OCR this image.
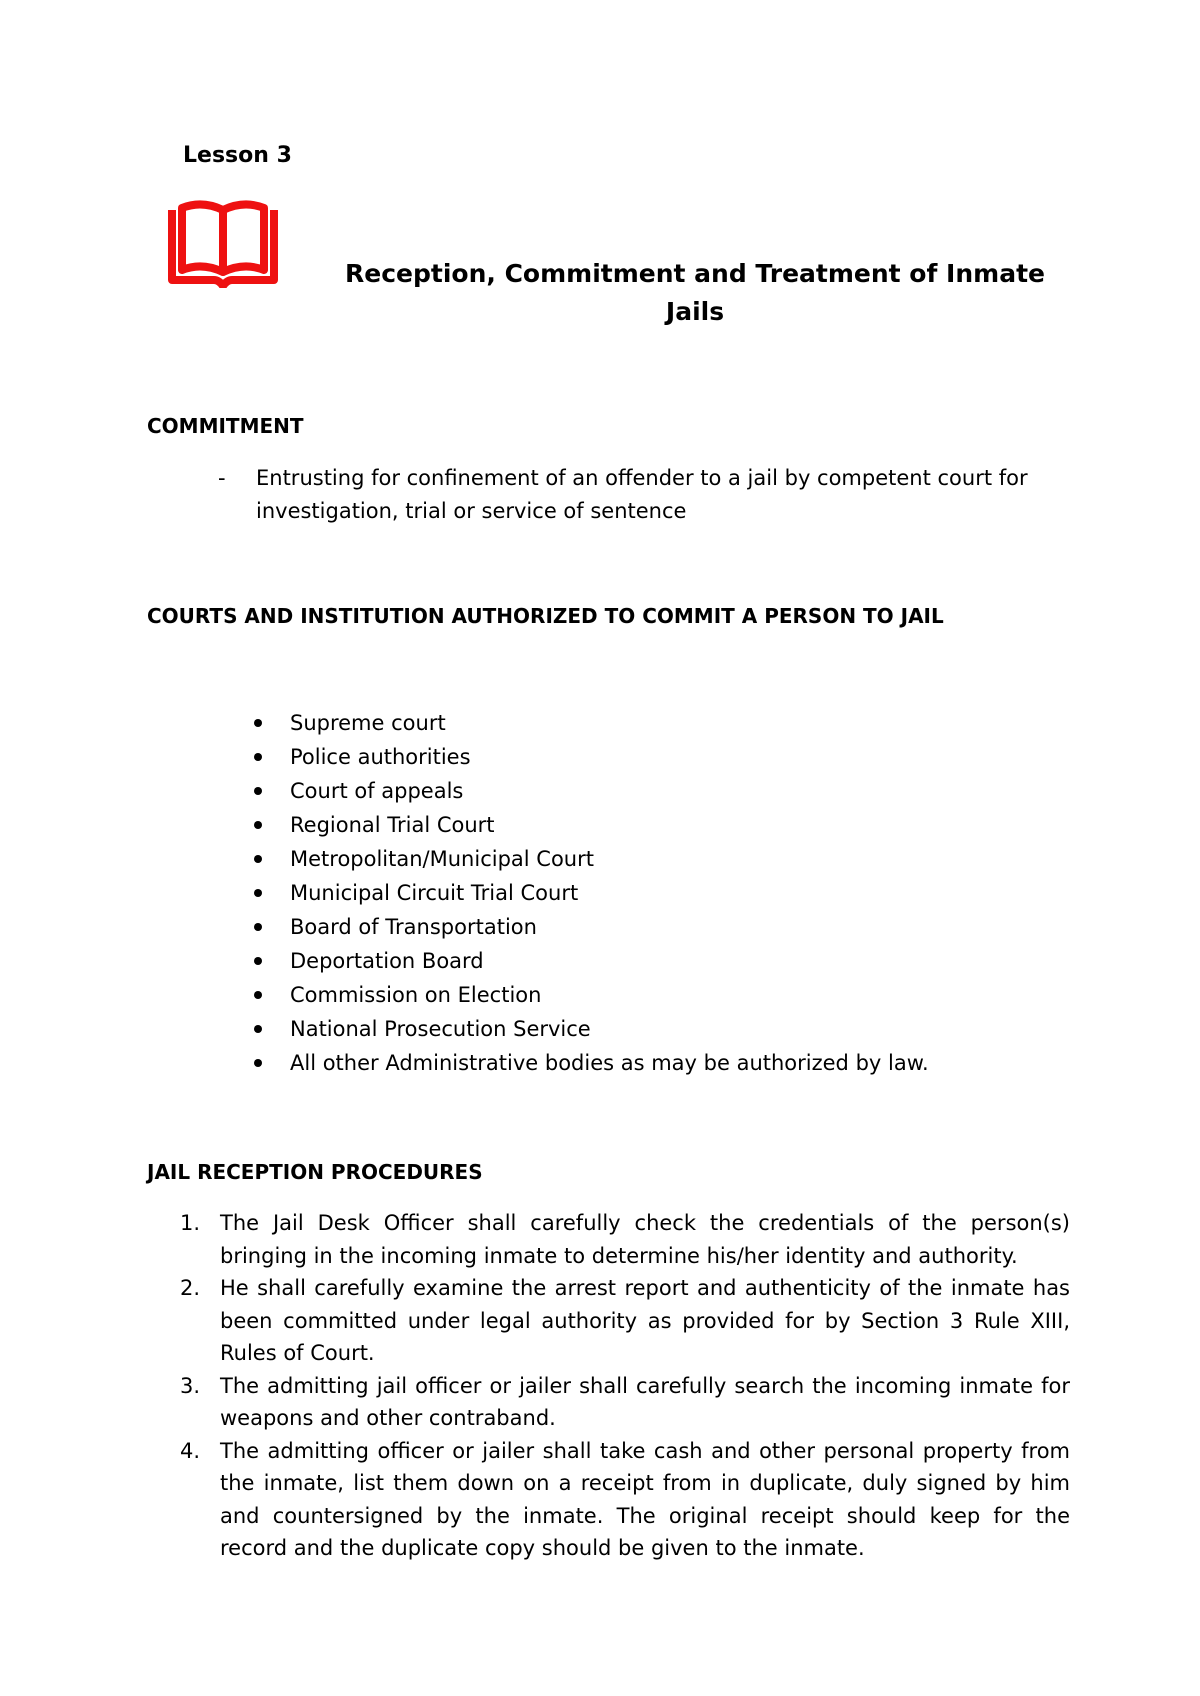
Lesson 3
Reception, Commitment and Treatment of Inmate
Jails
COMMITMENT
- Entrusting for confinement of an offender to a jail by competent court for investigation, trial or service of sentence
COURTS AND INSTITUTION AUTHORIZED TO COMMIT A PERSON TO JAIL
Supreme court
Police authorities
Court of appeals
Regional Trial Court
Metropolitan/Municipal Court
Municipal Circuit Trial Court
Board of Transportation
Deportation Board
Commission on Election
National Prosecution Service
All other Administrative bodies as may be authorized by law.
JAIL RECEPTION PROCEDURES
1. The Jail Desk Officer shall carefully check the credentials of the person(s) bringing in the incoming inmate to determine his/her identity and authority.
2. He shall carefully examine the arrest report and authenticity of the inmate has been committed under legal authority as provided for by Section 3 Rule XIII, Rules of Court.
3. The admitting jail officer or jailer shall carefully search the incoming inmate for weapons and other contraband.
4. The admitting officer or jailer shall take cash and other personal property from the inmate, list them down on a receipt from in duplicate, duly signed by him and countersigned by the inmate. The original receipt should keep for the record and the duplicate copy should be given to the inmate.
